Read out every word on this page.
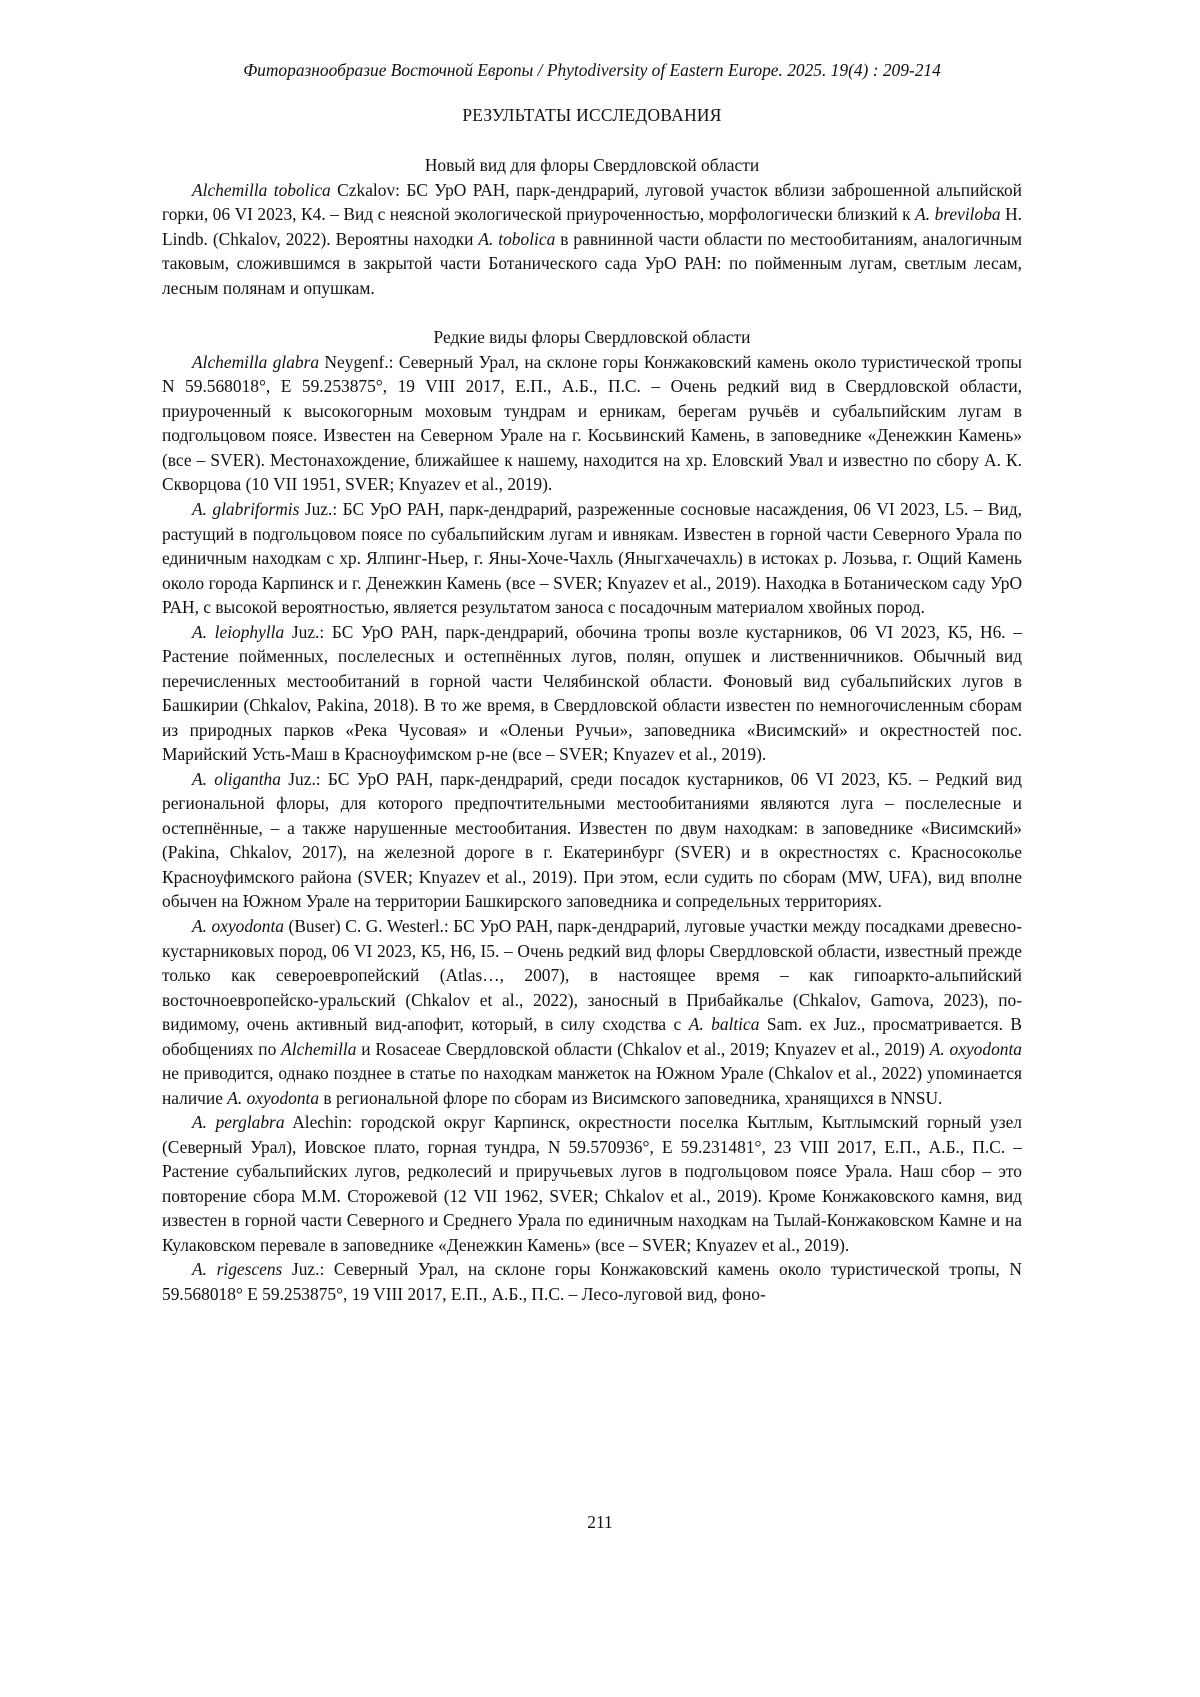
Фиторазнообразие Восточной Европы / Phytodiversity of Eastern Europe. 2025. 19(4) : 209-214
РЕЗУЛЬТАТЫ ИССЛЕДОВАНИЯ
Новый вид для флоры Свердловской области

Alchemilla tobolica Czkalov: БС УрО РАН, парк-дендрарий, луговой участок вблизи заброшенной альпийской горки, 06 VI 2023, К4. – Вид с неясной экологической приуроченностью, морфологически близкий к A. breviloba H. Lindb. (Chkalov, 2022). Вероятны находки A. tobolica в равнинной части области по местообитаниям, аналогичным таковым, сложившимся в закрытой части Ботанического сада УрО РАН: по пойменным лугам, светлым лесам, лесным полянам и опушкам.

Редкие виды флоры Свердловской области

Alchemilla glabra Neygenf.: Северный Урал, на склоне горы Конжаковский камень около туристической тропы N 59.568018°, E 59.253875°, 19 VIII 2017, Е.П., А.Б., П.С. – Очень редкий вид в Свердловской области, приуроченный к высокогорным моховым тундрам и ерникам, берегам ручьёв и субальпийским лугам в подгольцовом поясе. Известен на Северном Урале на г. Косьвинский Камень, в заповеднике «Денежкин Камень» (все – SVER). Местонахождение, ближайшее к нашему, находится на хр. Еловский Увал и известно по сбору А. К. Скворцова (10 VII 1951, SVER; Knyazev et al., 2019).

A. glabriformis Juz.: БС УрО РАН, парк-дендрарий, разреженные сосновые насаждения, 06 VI 2023, L5. – Вид, растущий в подгольцовом поясе по субальпийским лугам и ивнякам. Известен в горной части Северного Урала по единичным находкам с хр. Ялпинг-Ньер, г. Яны-Хоче-Чахль (Яныгхачечахль) в истоках р. Лозьва, г. Ощий Камень около города Карпинск и г. Денежкин Камень (все – SVER; Knyazev et al., 2019). Находка в Ботаническом саду УрО РАН, с высокой вероятностью, является результатом заноса с посадочным материалом хвойных пород.

A. leiophylla Juz.: БС УрО РАН, парк-дендрарий, обочина тропы возле кустарников, 06 VI 2023, К5, Н6. – Растение пойменных, послелесных и остепнённых лугов, полян, опушек и лиственничников. Обычный вид перечисленных местообитаний в горной части Челябинской области. Фоновый вид субальпийских лугов в Башкирии (Chkalov, Pakina, 2018). В то же время, в Свердловской области известен по немногочисленным сборам из природных парков «Река Чусовая» и «Оленьи Ручьи», заповедника «Висимский» и окрестностей пос. Марийский Усть-Маш в Красноуфимском р-не (все – SVER; Knyazev et al., 2019).

A. oligantha Juz.: БС УрО РАН, парк-дендрарий, среди посадок кустарников, 06 VI 2023, К5. – Редкий вид региональной флоры, для которого предпочтительными местообитаниями являются луга – послелесные и остепнённые, – а также нарушенные местообитания. Известен по двум находкам: в заповеднике «Висимский» (Pakina, Chkalov, 2017), на железной дороге в г. Екатеринбург (SVER) и в окрестностях с. Красносоколье Красноуфимского района (SVER; Knyazev et al., 2019). При этом, если судить по сборам (MW, UFA), вид вполне обычен на Южном Урале на территории Башкирского заповедника и сопредельных территориях.

A. oxyodonta (Buser) C. G. Westerl.: БС УрО РАН, парк-дендрарий, луговые участки между посадками древесно-кустарниковых пород, 06 VI 2023, К5, Н6, I5. – Очень редкий вид флоры Свердловской области, известный прежде только как североевропейский (Atlas…, 2007), в настоящее время – как гипоаркто-альпийский восточноевропейско-уральский (Chkalov et al., 2022), заносный в Прибайкалье (Chkalov, Gamova, 2023), по-видимому, очень активный вид-апофит, который, в силу сходства с A. baltica Sam. ex Juz., просматривается. В обобщениях по Alchemilla и Rosaceae Свердловской области (Chkalov et al., 2019; Knyazev et al., 2019) A. oxyodonta не приводится, однако позднее в статье по находкам манжеток на Южном Урале (Chkalov et al., 2022) упоминается наличие A. oxyodonta в региональной флоре по сборам из Висимского заповедника, хранящихся в NNSU.

A. perglabra Alechin: городской округ Карпинск, окрестности поселка Кытлым, Кытлымский горный узел (Северный Урал), Иовское плато, горная тундра, N 59.570936°, E 59.231481°, 23 VIII 2017, Е.П., А.Б., П.С. – Растение субальпийских лугов, редколесий и приручьевых лугов в подгольцовом поясе Урала. Наш сбор – это повторение сбора М.М. Сторожевой (12 VII 1962, SVER; Chkalov et al., 2019). Кроме Конжаковского камня, вид известен в горной части Северного и Среднего Урала по единичным находкам на Тылай-Конжаковском Камне и на Кулаковском перевале в заповеднике «Денежкин Камень» (все – SVER; Knyazev et al., 2019).

A. rigescens Juz.: Северный Урал, на склоне горы Конжаковский камень около туристической тропы, N 59.568018° E 59.253875°, 19 VIII 2017, Е.П., А.Б., П.С. – Лесо-луговой вид, фоно-

211
